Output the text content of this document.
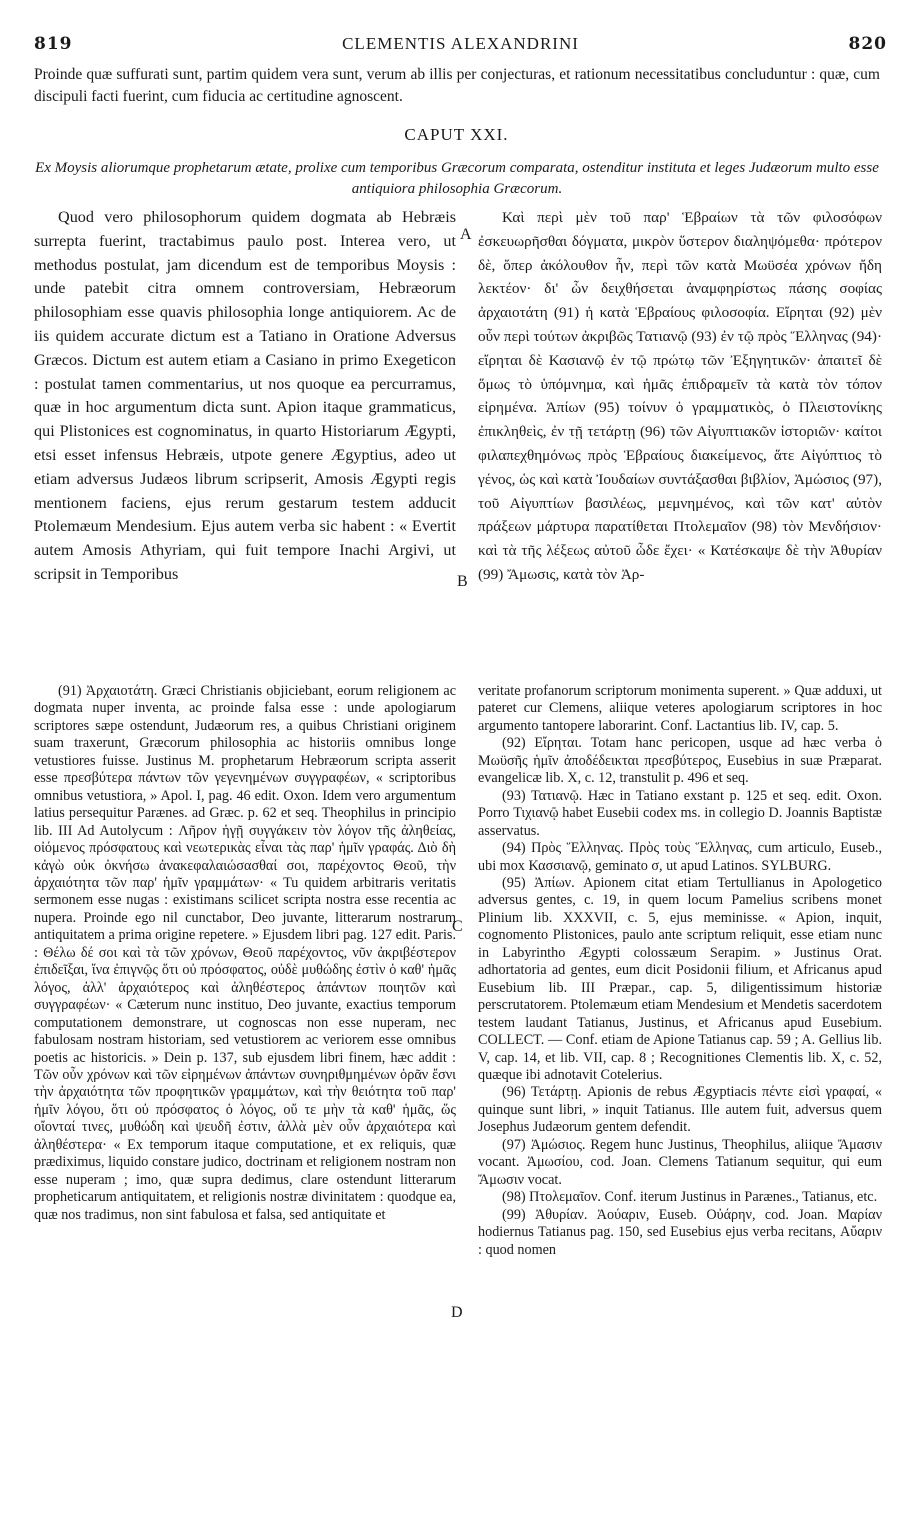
819	CLEMENTIS ALEXANDRINI	820
Proinde quæ suffurati sunt, partim quidem vera sunt, verum ab illis per conjecturas, et rationum necessitatibus concluduntur : quæ, cum discipuli facti fuerint, cum fiducia ac certitudine agnoscent.
CAPUT XXI.
Ex Moysis aliorumque prophetarum ætate, prolixe cum temporibus Græcorum comparata, ostenditur instituta et leges Judæorum multo esse antiquiora philosophia Græcorum.

Quod vero philosophorum quidem dogmata ab Hebræis surrepta fuerint, tractabimus paulo post. Interea vero, ut methodus postulat, jam dicendum est de temporibus Moysis : unde patebit citra omnem controversiam, Hebræorum philosophiam esse quavis philosophia longe antiquiorem. Ac de iis quidem accurate dictum est a Tatiano in Oratione Adversus Græcos. Dictum est autem etiam a Casiano in primo Exegeticon : postulat tamen commentarius, ut nos quoque ea percurramus, quæ in hoc argumentum dicta sunt. Apion itaque grammaticus, qui Plistonices est cognominatus, in quarto Historiarum Ægypti, etsi esset infensus Hebræis, utpote genere Ægyptius, adeo ut etiam adversus Judæos librum scripserit, Amosis Ægypti regis mentionem faciens, ejus rerum gestarum testem adducit Ptolemæum Mendesium. Ejus autem verba sic habent : « Evertit autem Amosis Athyriam, qui fuit tempore Inachi Argivi, ut scripsit in Temporibus

Καὶ περὶ μὲν τοῦ παρ' Ἑβραίων τὰ τῶν φιλοσόφων ἐσκευωρῆσθαι δόγματα, μικρὸν ὕστερον διαληψόμεθα· πρότερον δὲ, ὅπερ ἀκόλουθον ἦν, περὶ τῶν κατὰ Μωϋσέα χρόνων ἤδη λεκτέον· δι' ὧν δειχθήσεται ἀναμφηρίστως πάσης σοφίας ἀρχαιοτάτη (91) ἡ κατὰ Ἑβραίους φιλοσοφία. Εἴρηται (92) μὲν οὖν περὶ τούτων ἀκριβῶς Τατιανῷ (93) ἐν τῷ πρὸς Ἕλληνας (94)· εἴρηται δὲ Κασιανῷ ἐν τῷ πρώτῳ τῶν Ἐξηγητικῶν· ἀπαιτεῖ δὲ ὅμως τὸ ὑπόμνημα, καὶ ἡμᾶς ἐπιδραμεῖν τὰ κατὰ τὸν τόπον εἰρημένα. Ἀπίων (95) τοίνυν ὁ γραμματικὸς, ὁ Πλειστονίκης ἐπικληθεὶς, ἐν τῇ τετάρτῃ (96) τῶν Αἰγυπτιακῶν ἱστοριῶν· καίτοι φιλαπεχθημόνως πρὸς Ἑβραίους διακείμενος, ἅτε Αἰγύπτιος τὸ γένος, ὡς καὶ κατὰ Ἰουδαίων συντάξασθαι βιβλίον, Ἀμώσιος (97), τοῦ Αἰγυπτίων βασιλέως, μεμνημένος, καὶ τῶν κατ' αὐτὸν πράξεων μάρτυρα παρατίθεται Πτολεμαῖον (98) τὸν Μενδήσιον· καὶ τὰ τῆς λέξεως αὐτοῦ ὧδε ἔχει· « Κατέσκαψε δὲ τὴν Ἀθυρίαν (99) Ἄμωσις, κατὰ τὸν Ἀρ-

A
B
C
D

(91) Ἀρχαιοτάτη. Græci Christianis objiciebant, eorum religionem ac dogmata nuper inventa, ac proinde falsa esse : unde apologiarum scriptores sæpe ostendunt, Judæorum res, a quibus Christiani originem suam traxerunt, Græcorum philosophia ac historiis omnibus longe vetustiores fuisse. Justinus M. prophetarum Hebræorum scripta asserit esse πρεσβύτερα πάντων τῶν γεγενημένων συγγραφέων, « scriptoribus omnibus vetustiora, » Apol. I, pag. 46 edit. Oxon. Idem vero argumentum latius persequitur Parænes. ad Græc. p. 62 et seq. Theophilus in principio lib. III Ad Autolycum : Λῆρον ἡγῇ συγγάκειν τὸν λόγον τῆς ἀληθείας, οἰόμενος πρόσφατους καὶ νεωτερικὰς εἶναι τὰς παρ' ἡμῖν γραφάς. Διὸ δὴ κἀγὼ οὐκ ὀκνήσω ἀνακεφαλαιώσασθαί σοι, παρέχοντος Θεοῦ, τὴν ἀρχαιότητα τῶν παρ' ἡμῖν γραμμάτων· « Tu quidem arbitraris veritatis sermonem esse nugas : existimans scilicet scripta nostra esse recentia ac nupera. Proinde ego nil cunctabor, Deo juvante, litterarum nostrarum antiquitatem a prima origine repetere. » Ejusdem libri pag. 127 edit. Paris. : Θέλω δέ σοι καὶ τὰ τῶν χρόνων, Θεοῦ παρέχοντος, νῦν ἀκριβέστερον ἐπιδεῖξαι, ἵνα ἐπιγνῷς ὅτι οὐ πρόσφατος, οὐδὲ μυθώδης ἐστὶν ὁ καθ' ἡμᾶς λόγος, ἀλλ' ἀρχαιότερος καὶ ἀληθέστερος ἁπάντων ποιητῶν καὶ συγγραφέων· « Cæterum nunc instituo, Deo juvante, exactius temporum computationem demonstrare, ut cognoscas non esse nuperam, nec fabulosam nostram historiam, sed vetustiorem ac veriorem esse omnibus poetis ac historicis. » Dein p. 137, sub ejusdem libri finem, hæc addit : Τῶν οὖν χρόνων καὶ τῶν εἰρημένων ἁπάντων συνηριθμημένων ὁρᾶν ἔσνι τὴν ἀρχαιότητα τῶν προφητικῶν γραμμάτων, καὶ τὴν θειότητα τοῦ παρ' ἡμῖν λόγου, ὅτι οὐ πρόσφατος ὁ λόγος, οὔ τε μὴν τὰ καθ' ἡμᾶς, ὥς οἴονταί τινες, μυθώδη καὶ ψευδῆ ἐστιν, ἀλλὰ μὲν οὖν ἀρχαιότερα καὶ ἀληθέστερα· « Ex temporum itaque computatione, et ex reliquis, quæ prædiximus, liquido constare judico, doctrinam et religionem nostram non esse nuperam ; imo, quæ supra dedimus, clare ostendunt litterarum propheticarum antiquitatem, et religionis nostræ divinitatem : quodque ea, quæ nos tradimus, non sint fabulosa et falsa, sed antiquitate et

veritate profanorum scriptorum monimenta superent. » Quæ adduxi, ut pateret cur Clemens, aliique veteres apologiarum scriptores in hoc argumento tantopere laborarint. Conf. Lactantius lib. IV, cap. 5.

(92) Εἴρηται. Totam hanc pericopen, usque ad hæc verba ὁ Μωϋσῆς ἡμῖν ἀποδέδεικται πρεσβύτερος, Eusebius in suæ Præparat. evangelicæ lib. X, c. 12, transtulit p. 496 et seq.

(93) Τατιανῷ. Hæc in Tatiano exstant p. 125 et seq. edit. Oxon. Porro Τιχιανῷ habet Eusebii codex ms. in collegio D. Joannis Baptistæ asservatus.

(94) Πρὸς Ἕλληνας. Πρὸς τοὺς Ἕλληνας, cum articulo, Euseb., ubi mox Κασσιανῷ, geminato σ, ut apud Latinos. SYLBURG.

(95) Ἀπίων. Apionem citat etiam Tertullianus in Apologetico adversus gentes, c. 19, in quem locum Pamelius scribens monet Plinium lib. XXXVII, c. 5, ejus meminisse. « Apion, inquit, cognomento Plistonices, paulo ante scriptum reliquit, esse etiam nunc in Labyrintho Ægypti colossæum Serapim. » Justinus Orat. adhortatoria ad gentes, eum dicit Posidonii filium, et Africanus apud Eusebium lib. III Præpar., cap. 5, diligentissimum historiæ perscrutatorem. Ptolemæum etiam Mendesium et Mendetis sacerdotem testem laudant Tatianus, Justinus, et Africanus apud Eusebium. COLLECT. — Conf. etiam de Apione Tatianus cap. 59 ; A. Gellius lib. V, cap. 14, et lib. VII, cap. 8 ; Recognitiones Clementis lib. X, c. 52, quæque ibi adnotavit Cotelerius.

(96) Τετάρτῃ. Apionis de rebus Ægyptiacis πέντε εἰσὶ γραφαί, « quinque sunt libri, » inquit Tatianus. Ille autem fuit, adversus quem Josephus Judæorum gentem defendit.

(97) Ἀμώσιος. Regem hunc Justinus, Theophilus, aliique Ἄμασιν vocant. Ἀμωσίου, cod. Joan. Clemens Tatianum sequitur, qui eum Ἄμωσιν vocat.

(98) Πτολεμαῖον. Conf. iterum Justinus in Parænes., Tatianus, etc.

(99) Ἀθυρίαν. Ἀούαριν, Euseb. Οὐάρην, cod. Joan. Μαρίαν hodiernus Tatianus pag. 150, sed Eusebius ejus verba recitans, Αὔαριν : quod nomen
